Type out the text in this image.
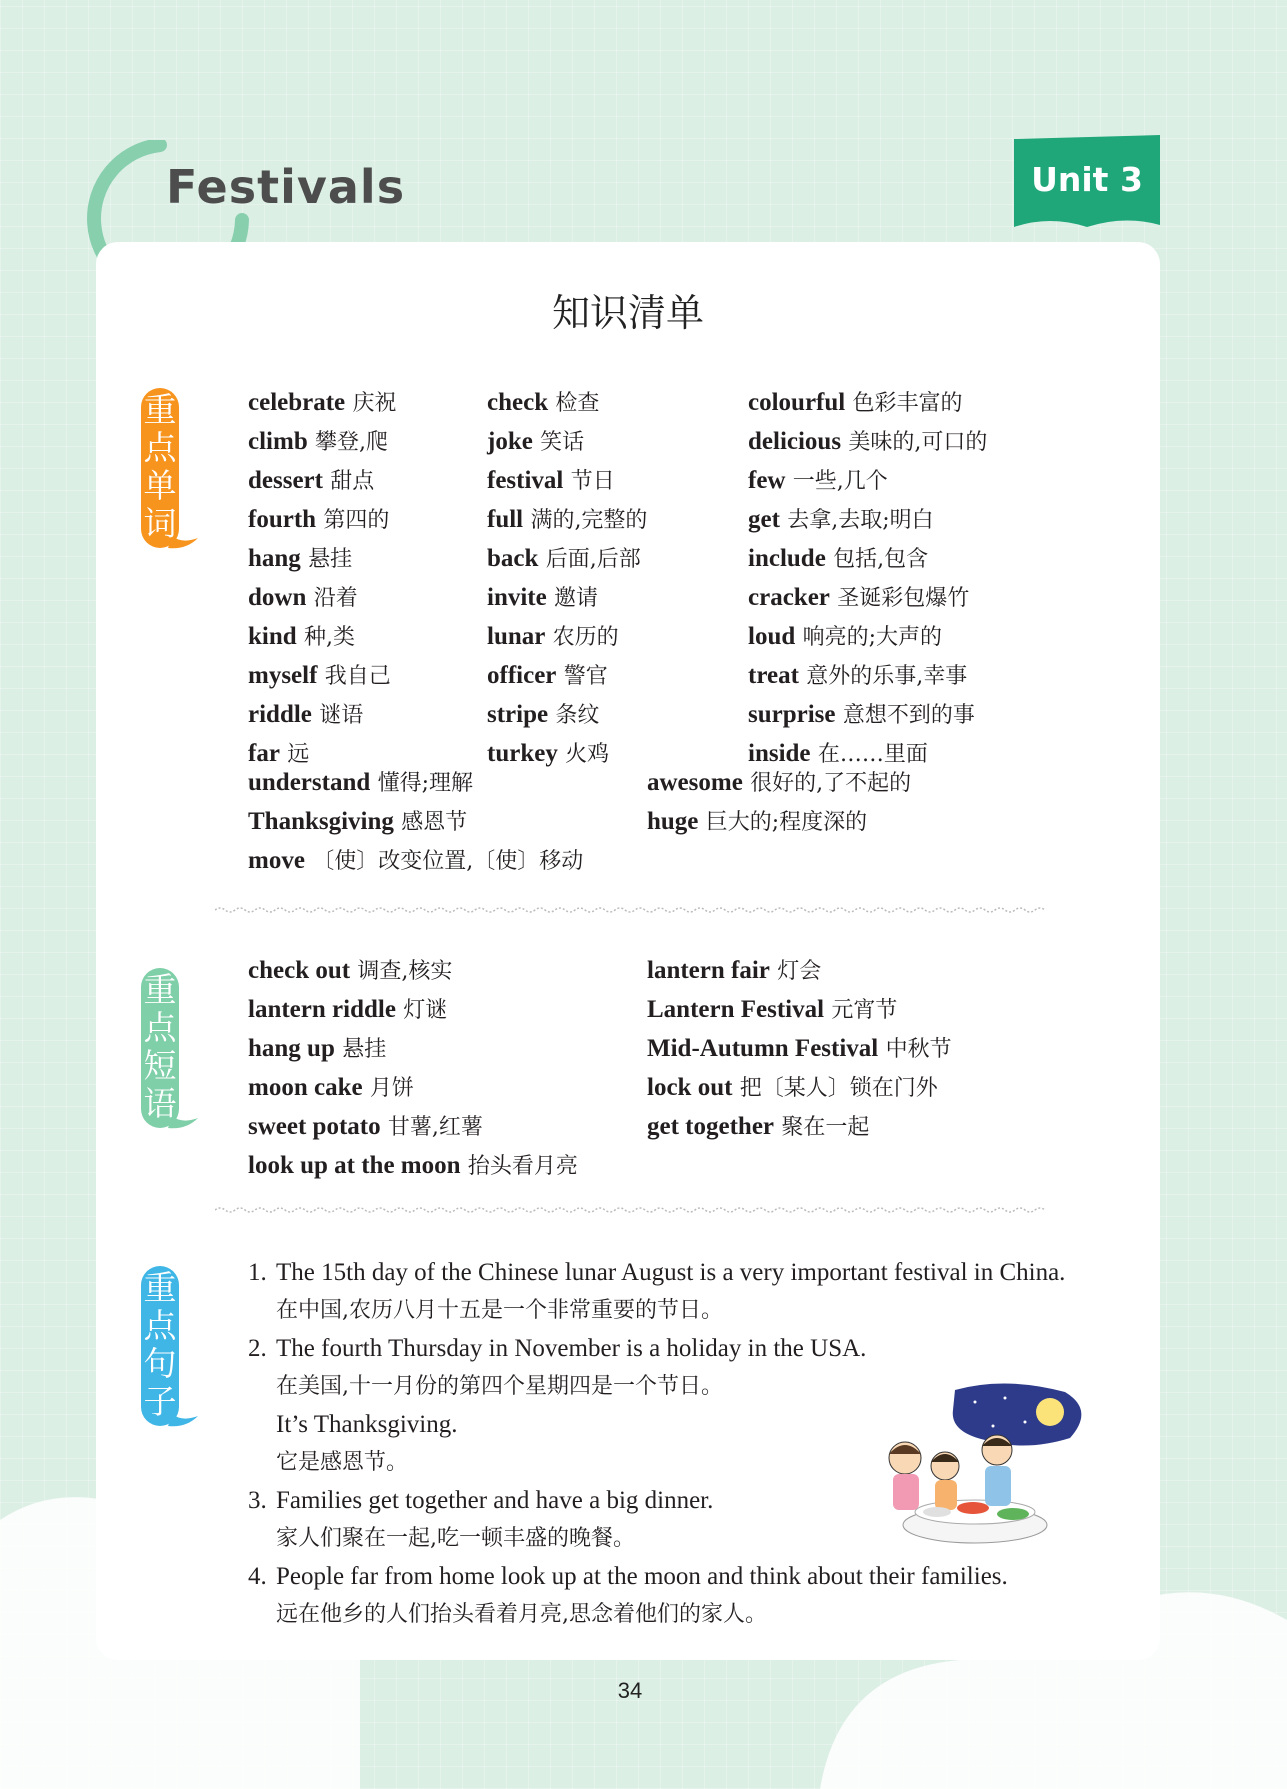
Festivals	Unit 3
知识清单
重
点
单
词
重
点
短
语
重
点
句
子
celebrate 庆祝
climb 攀登,爬
dessert 甜点
fourth 第四的
hang 悬挂
down 沿着
kind 种,类
myself 我自己
riddle 谜语
far 远
check 检查
joke 笑话
festival 节日
full 满的,完整的
back 后面,后部
invite 邀请
lunar 农历的
officer 警官
stripe 条纹
turkey 火鸡
colourful 色彩丰富的
delicious 美味的,可口的
few 一些,几个
get 去拿,去取;明白
include 包括,包含
cracker 圣诞彩包爆竹
loud 响亮的;大声的
treat 意外的乐事,幸事
surprise 意想不到的事
inside 在……里面
understand 懂得;理解
Thanksgiving 感恩节
move 〔使〕改变位置,〔使〕移动
awesome 很好的,了不起的
huge 巨大的;程度深的
check out 调查,核实
lantern riddle 灯谜
hang up 悬挂
moon cake 月饼
sweet potato 甘薯,红薯
look up at the moon 抬头看月亮
lantern fair 灯会
Lantern Festival 元宵节
Mid-Autumn Festival 中秋节
lock out 把〔某人〕锁在门外
get together 聚在一起
1. The 15th day of the Chinese lunar August is a very important festival in China.
在中国,农历八月十五是一个非常重要的节日。
2. The fourth Thursday in November is a holiday in the USA.
在美国,十一月份的第四个星期四是一个节日。
It’s Thanksgiving.
它是感恩节。
3. Families get together and have a big dinner.
家人们聚在一起,吃一顿丰盛的晚餐。
4. People far from home look up at the moon and think about their families.
远在他乡的人们抬头看着月亮,思念着他们的家人。
34
